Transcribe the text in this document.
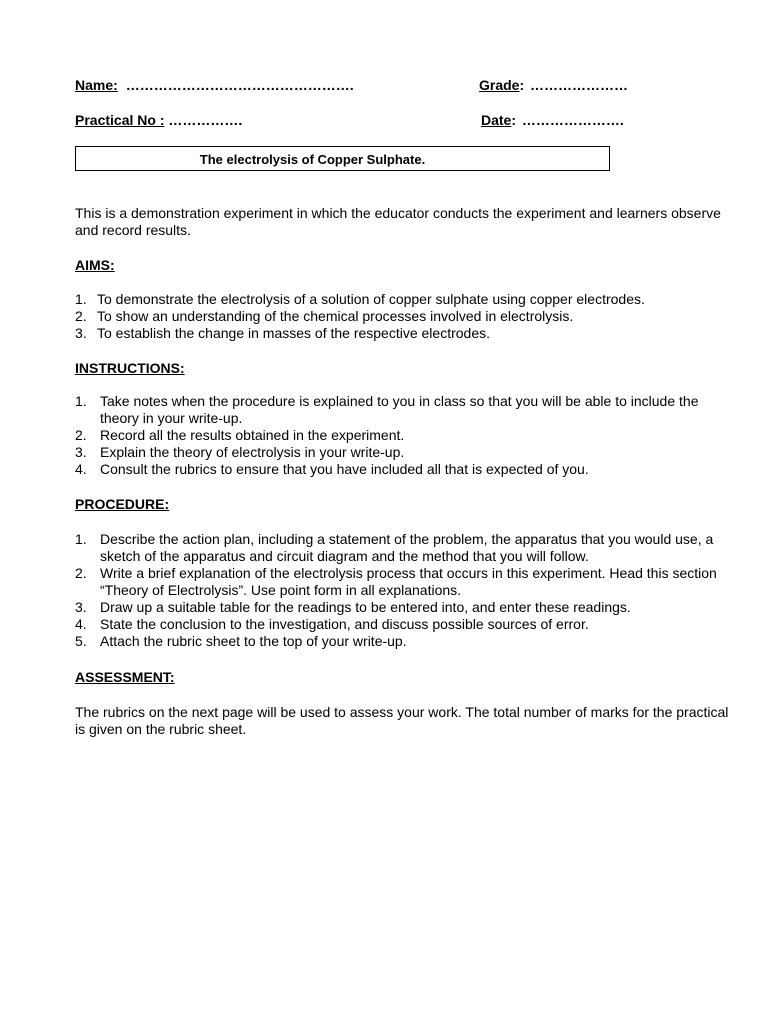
Name: ………………………………………….	Grade: …………………
Practical No : …………….	Date: ………………….
The electrolysis of Copper Sulphate.
This is a demonstration experiment in which the educator conducts the experiment and learners observe and record results.
AIMS:
1. To demonstrate the electrolysis of a solution of copper sulphate using copper electrodes.
2. To show an understanding of the chemical processes involved in electrolysis.
3. To establish the change in masses of the respective electrodes.
INSTRUCTIONS:
1. Take notes when the procedure is explained to you in class so that you will be able to include the theory in your write-up.
2. Record all the results obtained in the experiment.
3. Explain the theory of electrolysis in your write-up.
4. Consult the rubrics to ensure that you have included all that is expected of you.
PROCEDURE:
1. Describe the action plan, including a statement of the problem, the apparatus that you would use, a sketch of the apparatus and circuit diagram and the method that you will follow.
2. Write a brief explanation of the electrolysis process that occurs in this experiment. Head this section “Theory of Electrolysis”. Use point form in all explanations.
3. Draw up a suitable table for the readings to be entered into, and enter these readings.
4. State the conclusion to the investigation, and discuss possible sources of error.
5. Attach the rubric sheet to the top of your write-up.
ASSESSMENT:
The rubrics on the next page will be used to assess your work. The total number of marks for the practical is given on the rubric sheet.
